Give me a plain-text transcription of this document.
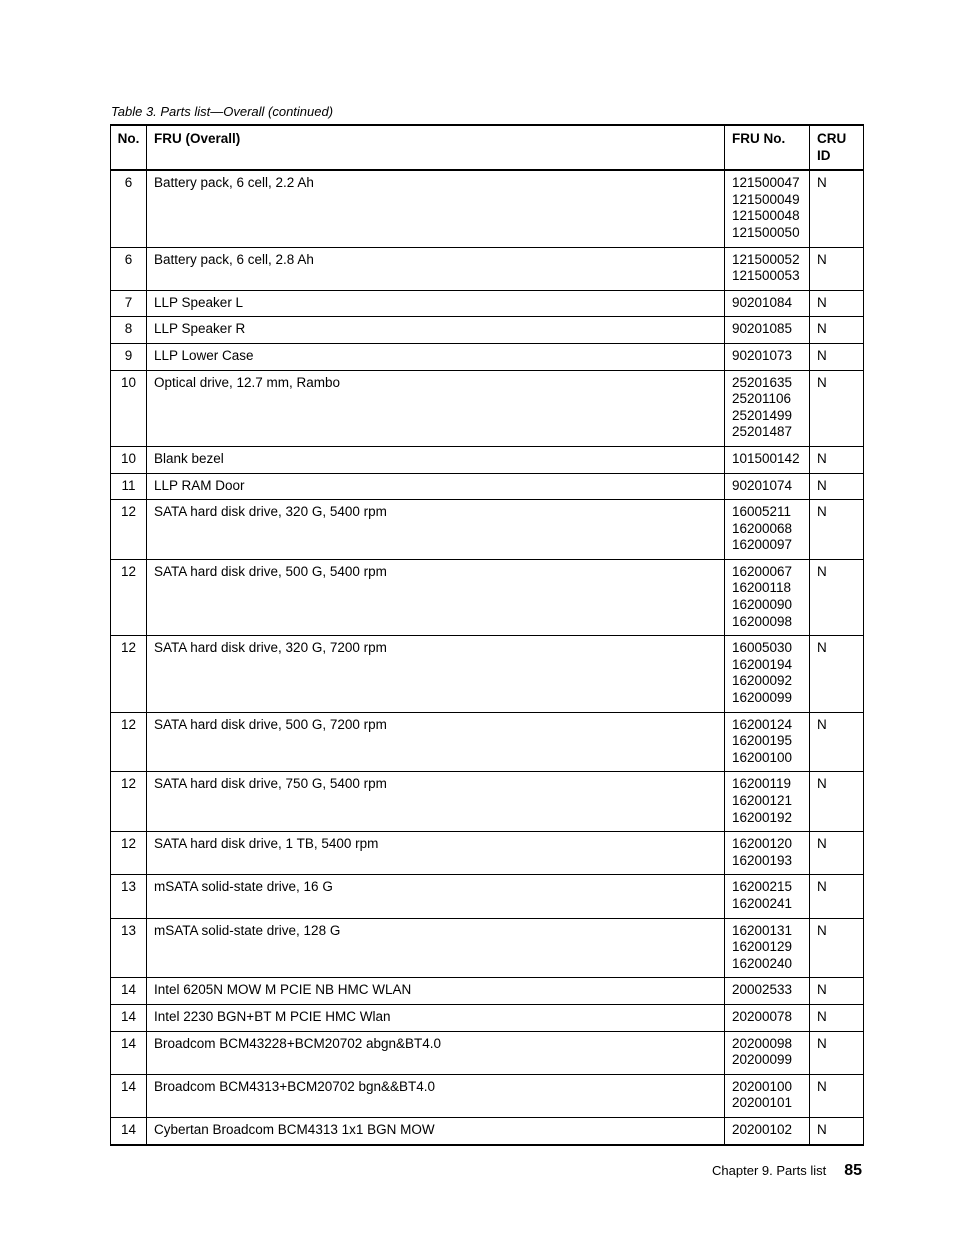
Table 3. Parts list—Overall (continued)
No.	FRU (Overall)	FRU No.	CRU ID
6	Battery pack, 6 cell, 2.2 Ah	121500047
121500049
121500048
121500050	N
6	Battery pack, 6 cell, 2.8 Ah	121500052
121500053	N
7	LLP Speaker L	90201084	N
8	LLP Speaker R	90201085	N
9	LLP Lower Case	90201073	N
10	Optical drive, 12.7 mm, Rambo	25201635
25201106
25201499
25201487	N
10	Blank bezel	101500142	N
11	LLP RAM Door	90201074	N
12	SATA hard disk drive, 320 G, 5400 rpm	16005211
16200068
16200097	N
12	SATA hard disk drive, 500 G, 5400 rpm	16200067
16200118
16200090
16200098	N
12	SATA hard disk drive, 320 G, 7200 rpm	16005030
16200194
16200092
16200099	N
12	SATA hard disk drive, 500 G, 7200 rpm	16200124
16200195
16200100	N
12	SATA hard disk drive, 750 G, 5400 rpm	16200119
16200121
16200192	N
12	SATA hard disk drive, 1 TB, 5400 rpm	16200120
16200193	N
13	mSATA solid-state drive, 16 G	16200215
16200241	N
13	mSATA solid-state drive, 128 G	16200131
16200129
16200240	N
14	Intel 6205N MOW M PCIE NB HMC WLAN	20002533	N
14	Intel 2230 BGN+BT M PCIE HMC Wlan	20200078	N
14	Broadcom BCM43228+BCM20702 abgn&BT4.0	20200098
20200099	N
14	Broadcom BCM4313+BCM20702 bgn&&BT4.0	20200100
20200101	N
14	Cybertan Broadcom BCM4313 1x1 BGN MOW	20200102	N
Chapter 9. Parts list 85
